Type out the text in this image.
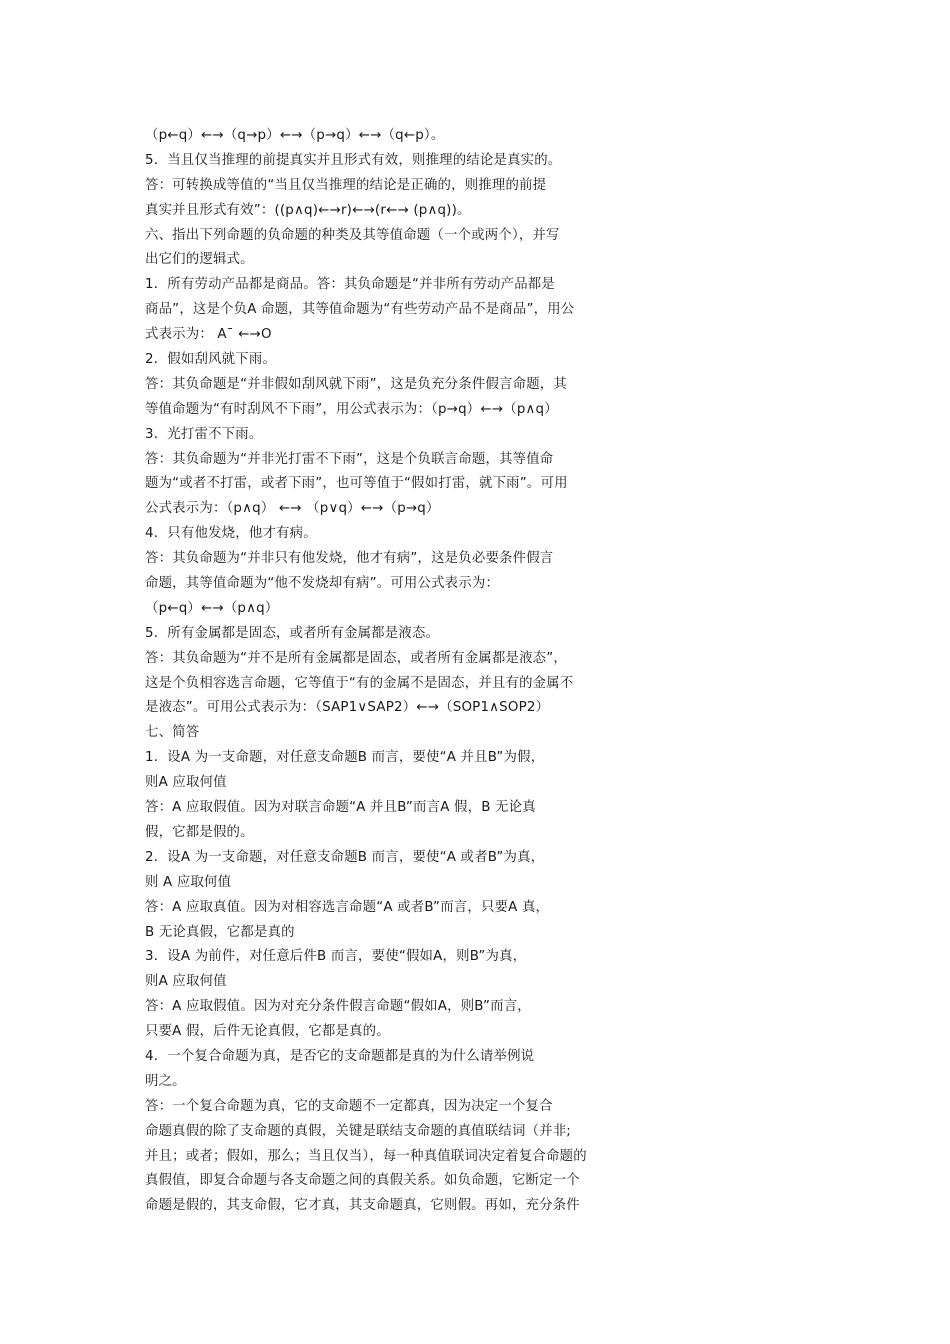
（p←q）←→（q→p）←→（p→q）←→（q←p）。
5．当且仅当推理的前提真实并且形式有效，则推理的结论是真实的。
答：可转换成等值的“当且仅当推理的结论是正确的，则推理的前提
真实并且形式有效”：((p∧q)←→r)←→(r←→ (p∧q))。
六、指出下列命题的负命题的种类及其等值命题（一个或两个），并写
出它们的逻辑式。
1．所有劳动产品都是商品。答：其负命题是“并非所有劳动产品都是
商品”，这是个负A 命题，其等值命题为“有些劳动产品不是商品”，用公
式表示为： A¯ ←→O
2．假如刮风就下雨。
答：其负命题是“并非假如刮风就下雨”，这是负充分条件假言命题，其
等值命题为“有时刮风不下雨”，用公式表示为：（p→q）←→（p∧q）
3．光打雷不下雨。
答：其负命题为“并非光打雷不下雨”，这是个负联言命题，其等值命
题为“或者不打雷，或者下雨”，也可等值于“假如打雷，就下雨”。可用
公式表示为：（p∧q） ←→ （p∨q）←→（p→q）
4．只有他发烧，他才有病。
答：其负命题为“并非只有他发烧，他才有病”，这是负必要条件假言
命题，其等值命题为“他不发烧却有病”。可用公式表示为：
（p←q）←→（p∧q）
5．所有金属都是固态，或者所有金属都是液态。
答：其负命题为“并不是所有金属都是固态，或者所有金属都是液态”，
这是个负相容选言命题，它等值于“有的金属不是固态，并且有的金属不
是液态”。可用公式表示为：（SAP1∨SAP2）←→（SOP1∧SOP2）
七、简答
1．设A 为一支命题，对任意支命题B 而言，要使“A 并且B”为假，
则A 应取何值
答：A 应取假值。因为对联言命题“A 并且B”而言A 假，B 无论真
假，它都是假的。
2．设A 为一支命题，对任意支命题B 而言，要使“A 或者B”为真，
则 A 应取何值
答：A 应取真值。因为对相容选言命题“A 或者B”而言，只要A 真，
B 无论真假，它都是真的
3．设A 为前件，对任意后件B 而言，要使“假如A，则B”为真，
则A 应取何值
答：A 应取假值。因为对充分条件假言命题“假如A，则B”而言，
只要A 假，后件无论真假，它都是真的。
4．一个复合命题为真，是否它的支命题都是真的为什么请举例说
明之。
答：一个复合命题为真，它的支命题不一定都真，因为决定一个复合
命题真假的除了支命题的真假，关键是联结支命题的真值联结词（并非;
并且；或者；假如，那么；当且仅当），每一种真值联词决定着复合命题的
真假值，即复合命题与各支命题之间的真假关系。如负命题，它断定一个
命题是假的，其支命假，它才真，其支命题真，它则假。再如，充分条件
